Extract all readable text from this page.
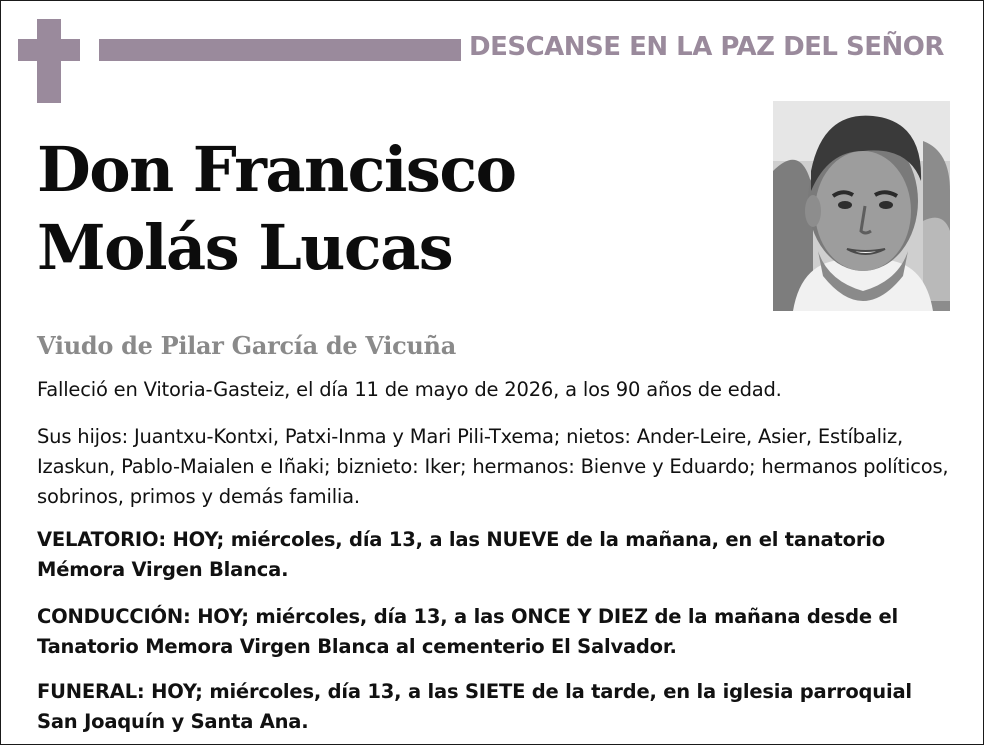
DESCANSE EN LA PAZ DEL SEÑOR
Don Francisco
Molás Lucas
Viudo de Pilar García de Vicuña
Falleció en Vitoria-Gasteiz, el día 11 de mayo de 2026, a los 90 años de edad.
Sus hijos: Juantxu-Kontxi, Patxi-Inma y Mari Pili-Txema; nietos: Ander-Leire, Asier, Estíbaliz, Izaskun, Pablo-Maialen e Iñaki; biznieto: Iker; hermanos: Bienve y Eduardo; hermanos políticos, sobrinos, primos y demás familia.
VELATORIO: HOY; miércoles, día 13, a las NUEVE de la mañana, en el tanatorio Mémora Virgen Blanca.
CONDUCCIÓN: HOY; miércoles, día 13, a las ONCE Y DIEZ de la mañana desde el Tanatorio Memora Virgen Blanca al cementerio El Salvador.
FUNERAL: HOY; miércoles, día 13, a las SIETE de la tarde, en la iglesia parroquial San Joaquín y Santa Ana.
